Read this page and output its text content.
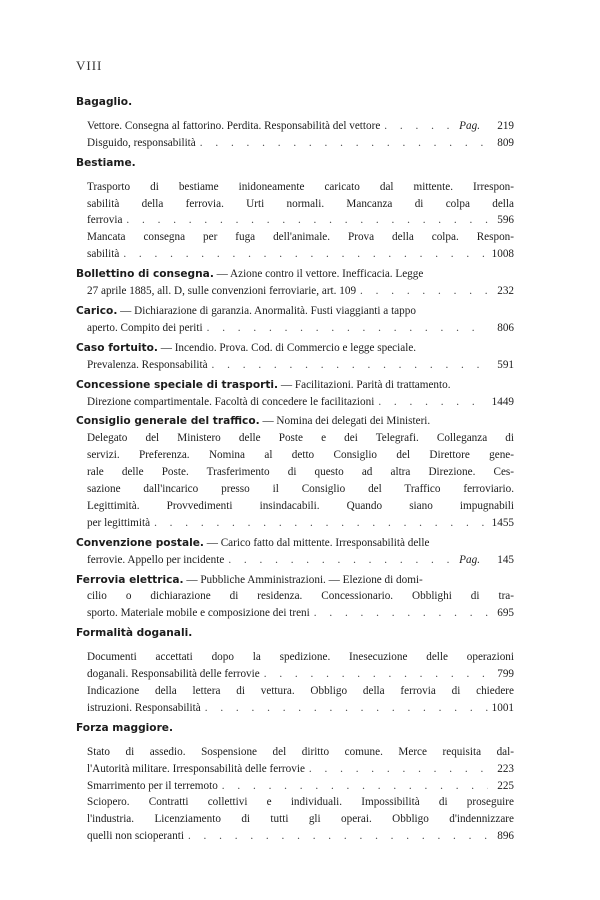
VIII
Bagaglio.
Vettore. Consegna al fattorino. Perdita. Responsabilità del vettore . . .	Pag.	219
Disguido, responsabilità . . .	809
Bestiame.
Trasporto di bestiame inidoneamente caricato dal mittente. Irrespon-
sabilità della ferrovia. Urti normali. Mancanza di colpa della
ferrovia . . .	596
Mancata consegna per fuga dell'animale. Prova della colpa. Respon-
sabilità . . .	1008
Bollettino di consegna. — Azione contro il vettore. Inefficacia. Legge
27 aprile 1885, all. D, sulle convenzioni ferroviarie, art. 109 . . .	232
Carico. — Dichiarazione di garanzia. Anormalità. Fusti viaggianti a tappo
aperto. Compito dei periti . . .	806
Caso fortuito. — Incendio. Prova. Cod. di Commercio e legge speciale.
Prevalenza. Responsabilità . . .	591
Concessione speciale di trasporti. — Facilitazioni. Parità di trattamento.
Direzione compartimentale. Facoltà di concedere le facilitazioni . . .	1449
Consiglio generale del traffico. — Nomina dei delegati dei Ministeri.
Delegato del Ministero delle Poste e dei Telegrafi. Colleganza di
servizi. Preferenza. Nomina al detto Consiglio del Direttore gene-
rale delle Poste. Trasferimento di questo ad altra Direzione. Ces-
sazione dall'incarico presso il Consiglio del Traffico ferroviario.
Legittimità. Provvedimenti insindacabili. Quando siano impugnabili
per legittimità . . .	1455
Convenzione postale. — Carico fatto dal mittente. Irresponsabilità delle
ferrovie. Appello per incidente . . .	Pag.	145
Ferrovia elettrica. — Pubbliche Amministrazioni. — Elezione di domi-
cilio o dichiarazione di residenza. Concessionario. Obblighi di tra-
sporto. Materiale mobile e composizione dei treni . . .	695
Formalità doganali.
Documenti accettati dopo la spedizione. Inesecuzione delle operazioni
doganali. Responsabilità delle ferrovie . . .	799
Indicazione della lettera di vettura. Obbligo della ferrovia di chiedere
istruzioni. Responsabilità . . .	1001
Forza maggiore.
Stato di assedio. Sospensione del diritto comune. Merce requisita dal-
l'Autorità militare. Irresponsabilità delle ferrovie . . .	223
Smarrimento per il terremoto . . .	225
Sciopero. Contratti collettivi e individuali. Impossibilità di proseguire
l'industria. Licenziamento di tutti gli operai. Obbligo d'indennizzare
quelli non scioperanti . . .	896
